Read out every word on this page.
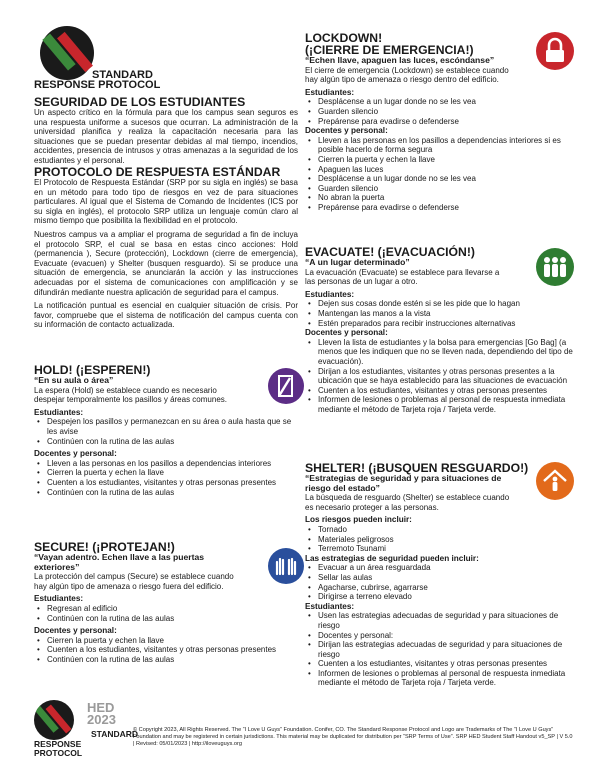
STANDARD
RESPONSE PROTOCOL
SEGURIDAD DE LOS ESTUDIANTES

Un aspecto crítico en la fórmula para que los campus sean seguros es una respuesta uniforme a sucesos que ocurran. La administración de la universidad planifica y realiza la capacitación necesaria para las situaciones que se puedan presentar debidas al mal tiempo, incendios, accidentes, presencia de intrusos y otras amenazas a la seguridad de los estudiantes y el personal.

PROTOCOLO DE RESPUESTA ESTÁNDAR

El Protocolo de Respuesta Estándar (SRP por su sigla en inglés) se basa en un método para todo tipo de riesgos en vez de para situaciones particulares. Al igual que el Sistema de Comando de Incidentes (ICS por su sigla en inglés), el protocolo SRP utiliza un lenguaje común claro al mismo tiempo que posibilita la flexibilidad en el protocolo.

Nuestros campus va a ampliar el programa de seguridad a fin de incluya el protocolo SRP, el cual se basa en estas cinco acciones: Hold (permanencia ), Secure (protección), Lockdown (cierre de emergencia), Evacuate (evacuen) y Shelter (busquen resguardo). Si se produce una situación de emergencia, se anunciarán la acción y las instrucciones adecuadas por el sistema de comunicaciones con amplificación y se difundirán mediante nuestra aplicación de seguridad para el campus.

La notificación puntual es esencial en cualquier situación de crisis. Por favor, compruebe que el sistema de notificación del campus cuenta con su información de contacto actualizada.

HOLD! (¡ESPEREN!)
“En su aula o área”

La espera (Hold) se establece cuando es necesario despejar temporalmente los pasillos y áreas comunes.

Estudiantes:
• Despejen los pasillos y permanezcan en su área o aula hasta que se les avise
• Continúen con la rutina de las aulas
Docentes y personal:
• Lleven a las personas en los pasillos a dependencias interiores
• Cierren la puerta y echen la llave
• Cuenten a los estudiantes, visitantes y otras personas presentes
• Continúen con la rutina de las aulas
SECURE! (¡PROTEJAN!)
“Vayan adentro. Echen llave a las puertas exteriores”

La protección del campus (Secure) se establece cuando hay algún tipo de amenaza o riesgo fuera del edificio.

Estudiantes:
• Regresan al edificio
• Continúen con la rutina de las aulas
Docentes y personal:
• Cierren la puerta y echen la llave
• Cuenten a los estudiantes, visitantes y otras personas presentes
• Continúen con la rutina de las aulas
LOCKDOWN!
(¡CIERRE DE EMERGENCIA!)
“Echen llave, apaguen las luces, escóndanse”

El cierre de emergencia (Lockdown) se establece cuando hay algún tipo de amenaza o riesgo dentro del edificio.

Estudiantes:
• Desplácense a un lugar donde no se les vea
• Guarden silencio
• Prepárense para evadirse o defenderse
Docentes y personal:
• Lleven a las personas en los pasillos a dependencias interiores si es posible hacerlo de forma segura
• Cierren la puerta y echen la llave
• Apaguen las luces
• Desplácense a un lugar donde no se les vea
• Guarden silencio
• No abran la puerta
• Prepárense para evadirse o defenderse
EVACUATE! (¡EVACUACIÓN!)
“A un lugar determinado”

La evacuación (Evacuate) se establece para llevarse a las personas de un lugar a otro.

Estudiantes:
• Dejen sus cosas donde estén si se les pide que lo hagan
• Mantengan las manos a la vista
• Estén preparados para recibir instrucciones alternativas
Docentes y personal:
• Lleven la lista de estudiantes y la bolsa para emergencias [Go Bag] (a menos que les indiquen que no se lleven nada, dependiendo del tipo de evacuación).
• Dirijan a los estudiantes, visitantes y otras personas presentes a la ubicación que se haya establecido para las situaciones de evacuación
• Cuenten a los estudiantes, visitantes y otras personas presentes
• Informen de lesiones o problemas al personal de respuesta inmediata mediante el método de Tarjeta roja / Tarjeta verde.
SHELTER! (¡BUSQUEN RESGUARDO!)
“Estrategias de seguridad y para situaciones de riesgo del estado”

La búsqueda de resguardo (Shelter) se establece cuando es necesario proteger a las personas.

Los riesgos pueden incluir:
• Tornado
• Materiales peligrosos
• Terremoto Tsunami
Las estrategias de seguridad pueden incluir:
• Evacuar a un área resguardada
• Sellar las aulas
• Agacharse, cubrirse, agarrarse
• Dirigirse a terreno elevado
Estudiantes:
• Usen las estrategias adecuadas de seguridad y para situaciones de riesgo
• Docentes y personal:
• Dirijan las estrategias adecuadas de seguridad y para situaciones de riesgo
• Cuenten a los estudiantes, visitantes y otras personas presentes
• Informen de lesiones o problemas al personal de respuesta inmediata mediante el método de Tarjeta roja / Tarjeta verde.
HED
2023
STANDARD
RESPONSE PROTOCOL
© Copyright 2023, All Rights Reserved. The “I Love U Guys” Foundation. Conifer, CO. The Standard Response Protocol and Logo are Trademarks of The “I Love U Guys” Foundation and may be registered in certain jurisdictions. This material may be duplicated for distribution per “SRP Terms of Use”. SRP HED Student Staff Handout v5_SP | V 5.0 | Revised: 05/01/2023 | http://iloveuguys.org
